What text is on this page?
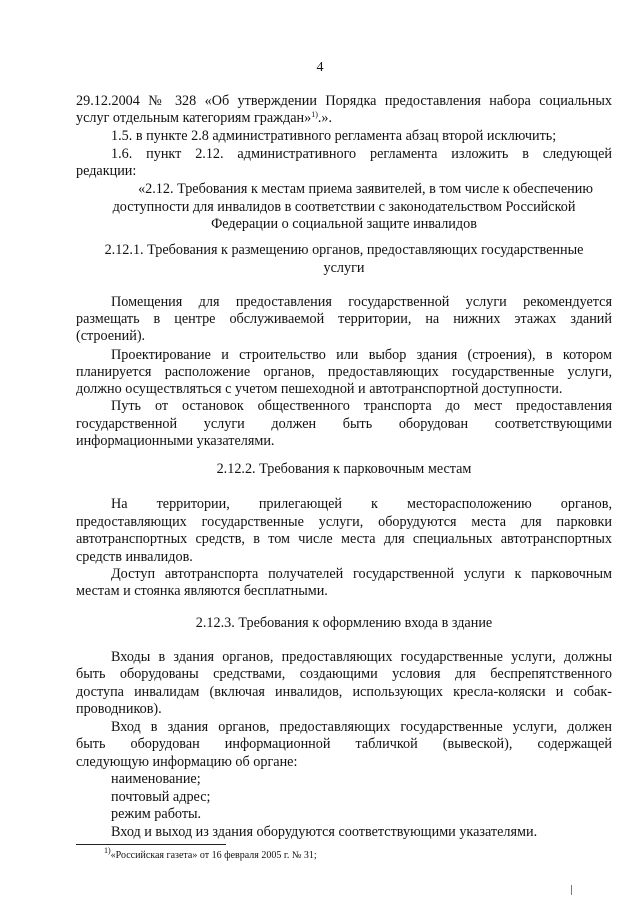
4
29.12.2004 № 328 «Об утверждении Порядка предоставления набора социальных
услуг отдельным категориям граждан»$^{1)}$.».
1.5. в пункте 2.8 административного регламента абзац второй исключить;
1.6. пункт 2.12. административного регламента изложить в следующей
редакции:
«2.12. Требования к местам приема заявителей, в том числе к обеспечению
доступности для инвалидов в соответствии с законодательством Российской
Федерации о социальной защите инвалидов
2.12.1. Требования к размещению органов, предоставляющих государственные
услуги
Помещения для предоставления государственной услуги рекомендуется
размещать в центре обслуживаемой территории, на нижних этажах зданий
(строений).
Проектирование и строительство или выбор здания (строения), в котором
планируется расположение органов, предоставляющих государственные услуги,
должно осуществляться с учетом пешеходной и автотранспортной доступности.
Путь от остановок общественного транспорта до мест предоставления
государственной услуги должен быть оборудован соответствующими
информационными указателями.
2.12.2. Требования к парковочным местам
На территории, прилегающей к месторасположению органов,
предоставляющих государственные услуги, оборудуются места для парковки
автотранспортных средств, в том числе места для специальных автотранспортных
средств инвалидов.
Доступ автотранспорта получателей государственной услуги к парковочным
местам и стоянка являются бесплатными.
2.12.3. Требования к оформлению входа в здание
Входы в здания органов, предоставляющих государственные услуги, должны
быть оборудованы средствами, создающими условия для беспрепятственного
доступа инвалидам (включая инвалидов, использующих кресла-коляски и собак-
проводников).
Вход в здания органов, предоставляющих государственные услуги, должен
быть оборудован информационной табличкой (вывеской), содержащей
следующую информацию об органе:
наименование;
почтовый адрес;
режим работы.
Вход и выход из здания оборудуются соответствующими указателями.
$^{1)}$«Российская газета» от 16 февраля 2005 г. № 31;
